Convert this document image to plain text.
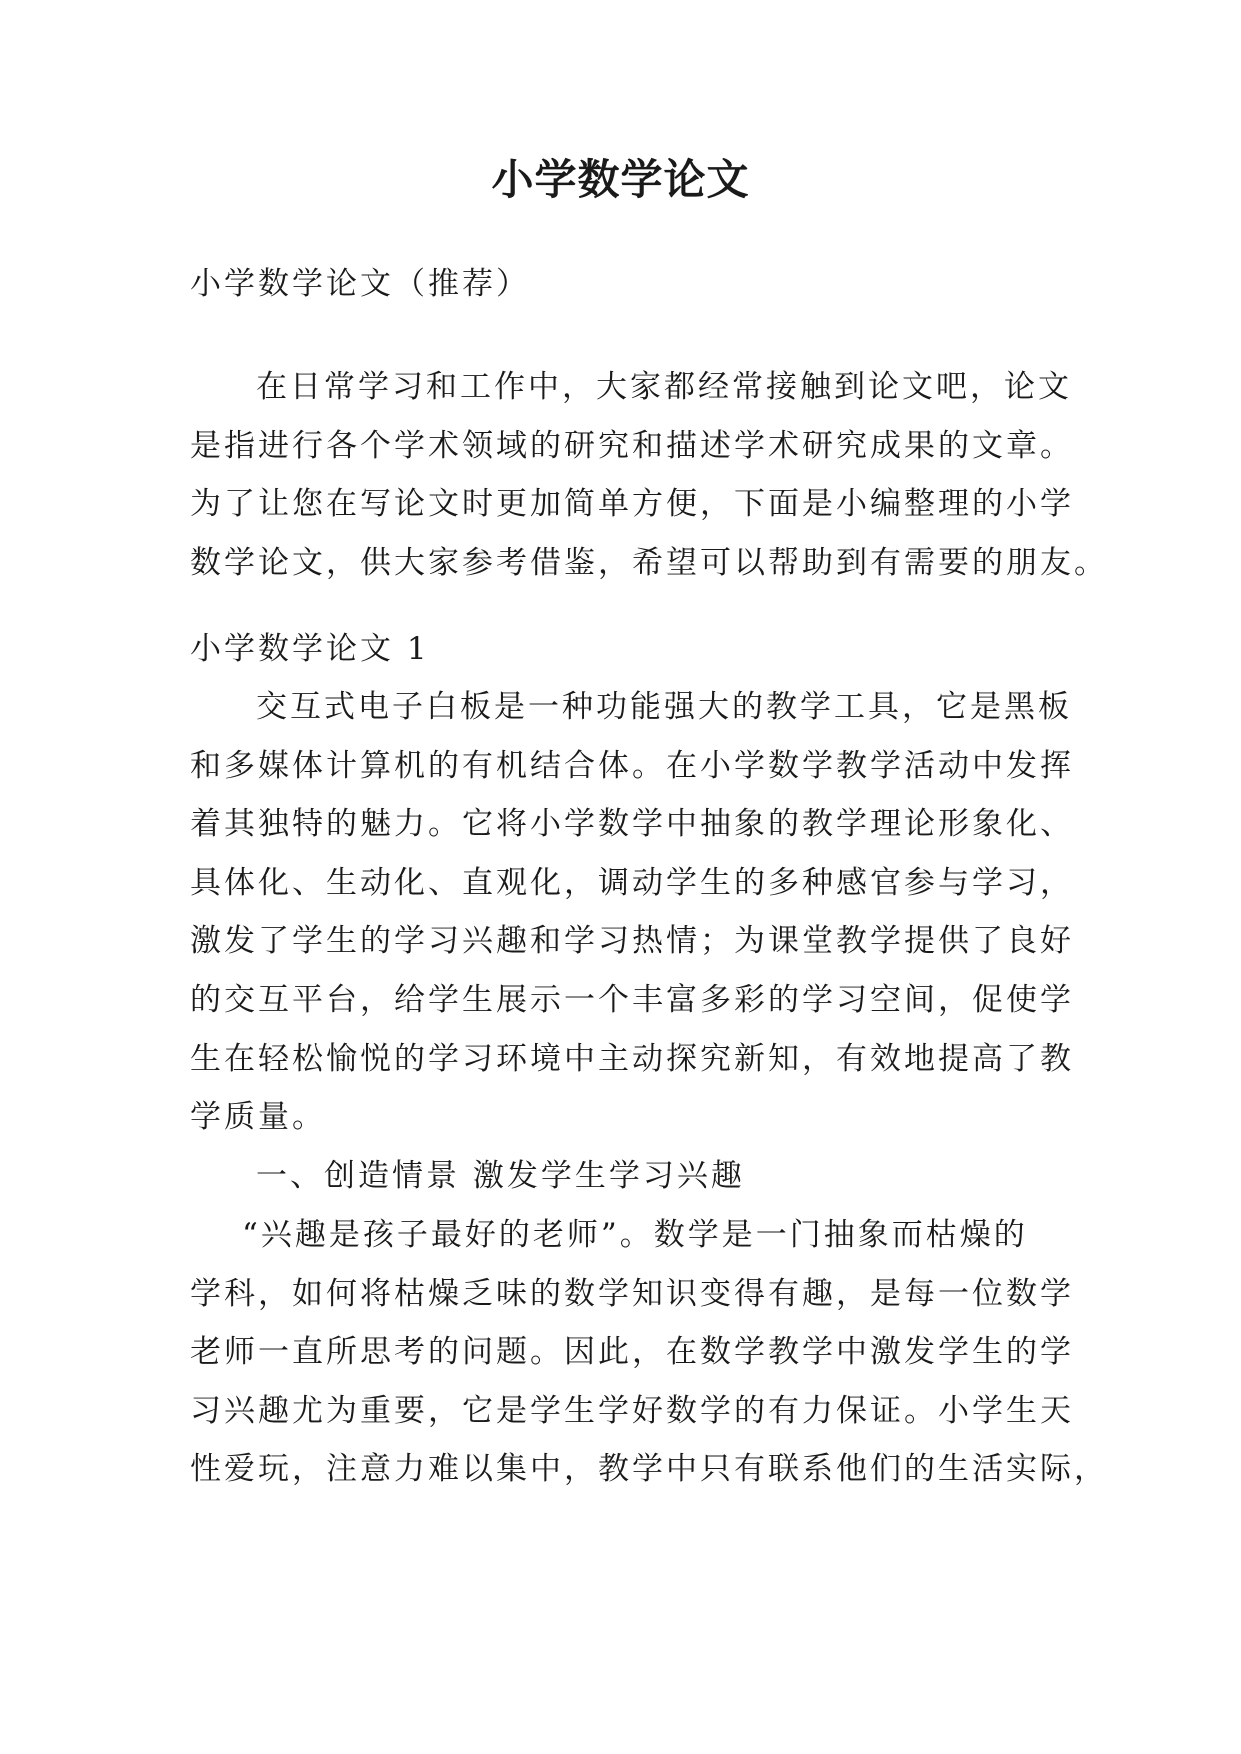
小学数学论文
小学数学论文（推荐）
在日常学习和工作中，大家都经常接触到论文吧，论文
是指进行各个学术领域的研究和描述学术研究成果的文章。
为了让您在写论文时更加简单方便，下面是小编整理的小学
数学论文，供大家参考借鉴，希望可以帮助到有需要的朋友。
小学数学论文 1
交互式电子白板是一种功能强大的教学工具，它是黑板
和多媒体计算机的有机结合体。在小学数学教学活动中发挥
着其独特的魅力。它将小学数学中抽象的教学理论形象化、
具体化、生动化、直观化，调动学生的多种感官参与学习，
激发了学生的学习兴趣和学习热情；为课堂教学提供了良好
的交互平台，给学生展示一个丰富多彩的学习空间，促使学
生在轻松愉悦的学习环境中主动探究新知，有效地提高了教
学质量。
一、创造情景 激发学生学习兴趣
“兴趣是孩子最好的老师”。数学是一门抽象而枯燥的
学科，如何将枯燥乏味的数学知识变得有趣，是每一位数学
老师一直所思考的问题。因此，在数学教学中激发学生的学
习兴趣尤为重要，它是学生学好数学的有力保证。小学生天
性爱玩，注意力难以集中，教学中只有联系他们的生活实际，
